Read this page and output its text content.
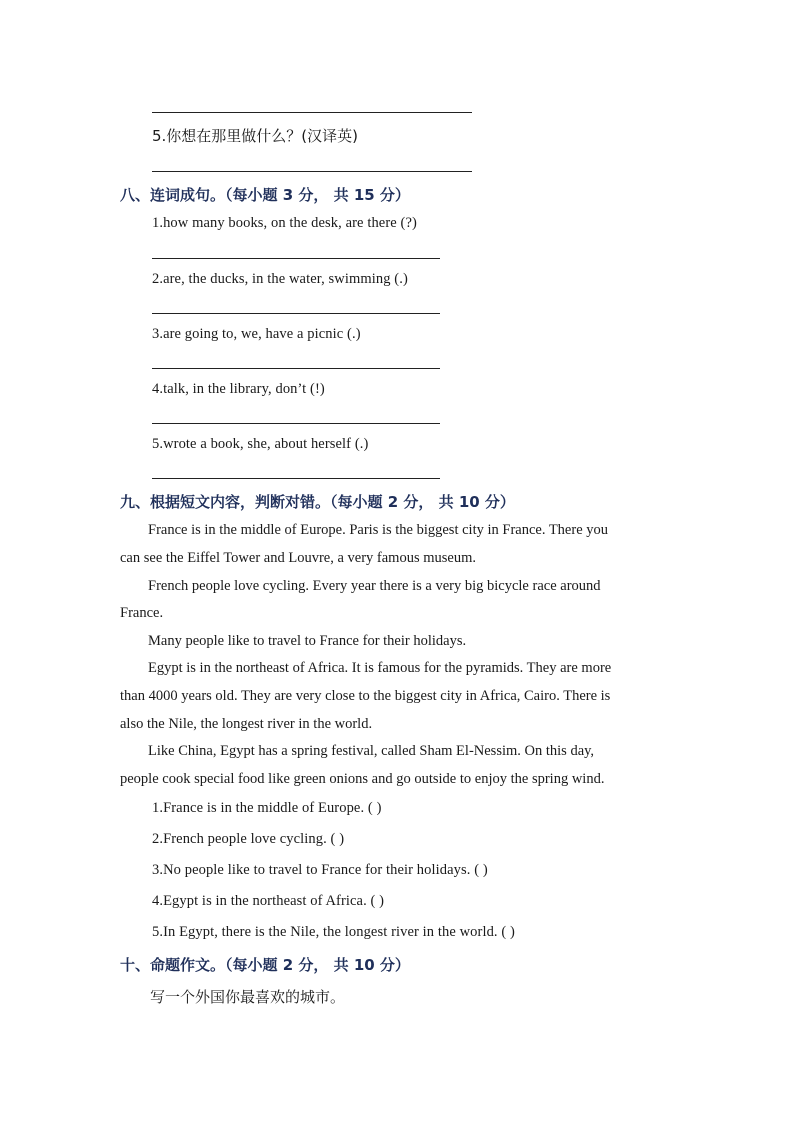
5.你想在那里做什么？(汉译英)
八、连词成句。（每小题 3 分， 共 15 分）
1.how many books, on the desk, are there (?)
2.are, the ducks, in the water, swimming (.)
3.are going to, we, have a picnic (.)
4.talk, in the library, don’t (!)
5.wrote a book, she, about herself (.)
九、根据短文内容，判断对错。（每小题 2 分， 共 10 分）
France is in the middle of Europe. Paris is the biggest city in France. There you
can see the Eiffel Tower and Louvre, a very famous museum.
French people love cycling. Every year there is a very big bicycle race around
France.
Many people like to travel to France for their holidays.
Egypt is in the northeast of Africa. It is famous for the pyramids. They are more
than 4000 years old. They are very close to the biggest city in Africa, Cairo. There is
also the Nile, the longest river in the world.
Like China, Egypt has a spring festival, called Sham El-Nessim. On this day,
people cook special food like green onions and go outside to enjoy the spring wind.
1.France is in the middle of Europe. ( )
2.French people love cycling. ( )
3.No people like to travel to France for their holidays. ( )
4.Egypt is in the northeast of Africa. ( )
5.In Egypt, there is the Nile, the longest river in the world. ( )
十、命题作文。（每小题 2 分， 共 10 分）
写一个外国你最喜欢的城市。
